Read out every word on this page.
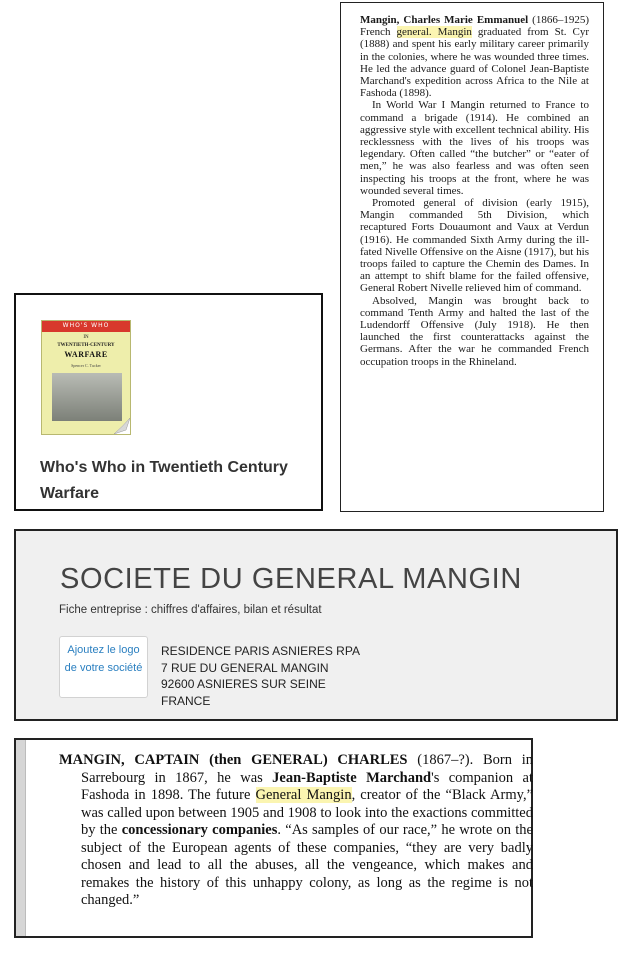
WHO'S WHO
IN
TWENTIETH-CENTURY
WARFARE
Spencer C. Tucker
Who's Who in Twentieth Century Warfare

Mangin, Charles Marie Emmanuel (1866–1925) French general. Mangin graduated from St. Cyr (1888) and spent his early military career primarily in the colonies, where he was wounded three times. He led the advance guard of Colonel Jean-Baptiste Marchand's expedition across Africa to the Nile at Fashoda (1898).

In World War I Mangin returned to France to command a brigade (1914). He combined an aggressive style with excellent technical ability. His recklessness with the lives of his troops was legendary. Often called “the butcher” or “eater of men,” he was also fearless and was often seen inspecting his troops at the front, where he was wounded several times.

Promoted general of division (early 1915), Mangin commanded 5th Division, which recaptured Forts Douaumont and Vaux at Verdun (1916). He commanded Sixth Army during the ill-fated Nivelle Offensive on the Aisne (1917), but his troops failed to capture the Chemin des Dames. In an attempt to shift blame for the failed offensive, General Robert Nivelle relieved him of command.

Absolved, Mangin was brought back to command Tenth Army and halted the last of the Ludendorff Offensive (July 1918). He then launched the first counterattacks against the Germans. After the war he commanded French occupation troops in the Rhineland.

SOCIETE DU GENERAL MANGIN
Fiche entreprise : chiffres d'affaires, bilan et résultat
Ajoutez le logo de votre société
RESIDENCE PARIS ASNIERES RPA
7 RUE DU GENERAL MANGIN
92600 ASNIERES SUR SEINE
FRANCE

MANGIN, CAPTAIN (then GENERAL) CHARLES (1867–?). Born in Sarrebourg in 1867, he was Jean-Baptiste Marchand's companion at Fashoda in 1898. The future General Mangin, creator of the “Black Army,” was called upon between 1905 and 1908 to look into the exactions committed by the concessionary companies. “As samples of our race,” he wrote on the subject of the European agents of these companies, “they are very badly chosen and lead to all the abuses, all the vengeance, which makes and remakes the history of this unhappy colony, as long as the regime is not changed.”
